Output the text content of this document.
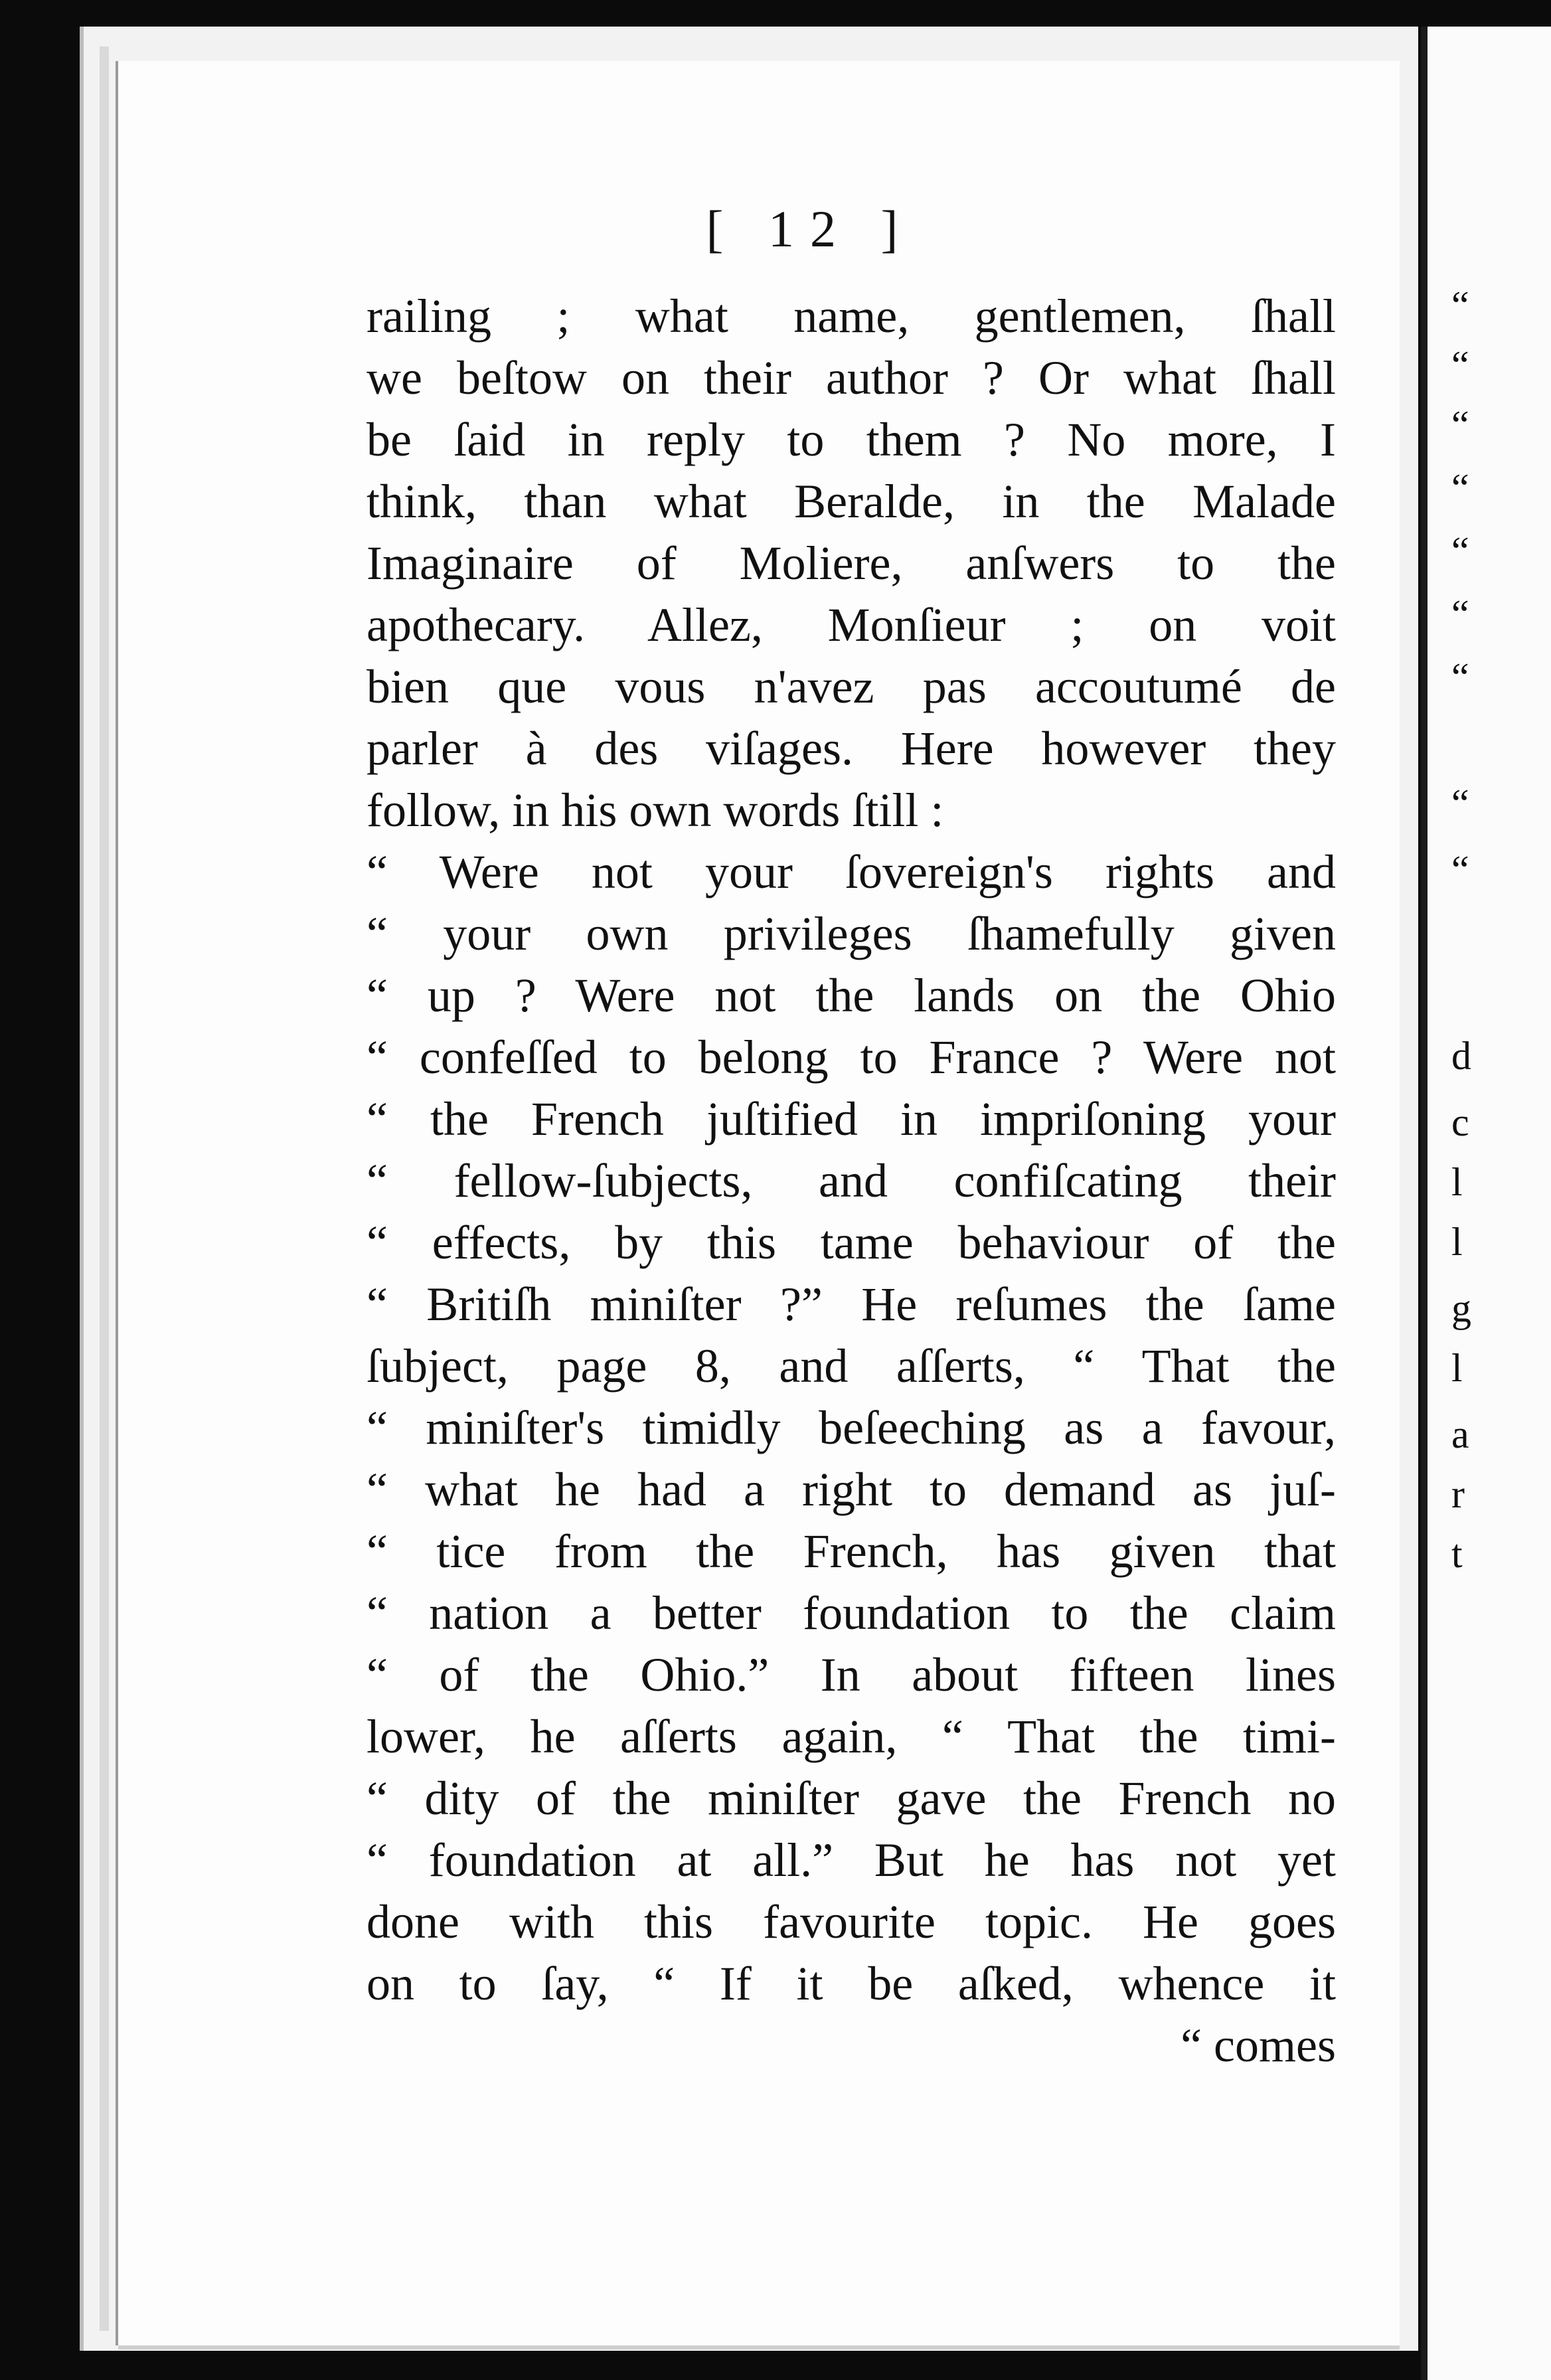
[ 12 ]
railing ; what name, gentlemen, ſhall
we beſtow on their author ? Or what ſhall
be ſaid in reply to them ? No more, I
think, than what Beralde, in the Malade
Imaginaire of Moliere, anſwers to the
apothecary. Allez, Monſieur ; on voit
bien que vous n'avez pas accoutumé de
parler à des viſages. Here however they
follow, in his own words ſtill :
“ Were not your ſovereign's rights and
“ your own privileges ſhamefully given
“ up ? Were not the lands on the Ohio
“ confeſſed to belong to France ? Were not
“ the French juſtified in impriſoning your
“ fellow-ſubjects, and confiſcating their
“ effects, by this tame behaviour of the
“ Britiſh miniſter ?” He reſumes the ſame
ſubject, page 8, and aſſerts, “ That the
“ miniſter's timidly beſeeching as a favour,
“ what he had a right to demand as juſ-
“ tice from the French, has given that
“ nation a better foundation to the claim
“ of the Ohio.” In about fifteen lines
lower, he aſſerts again, “ That the timi-
“ dity of the miniſter gave the French no
“ foundation at all.” But he has not yet
done with this favourite topic. He goes
on to ſay, “ If it be aſked, whence it
“ comes
“
“
“
“
“
“
“
“
“
d
c
l
l
g
l
a
r
t
